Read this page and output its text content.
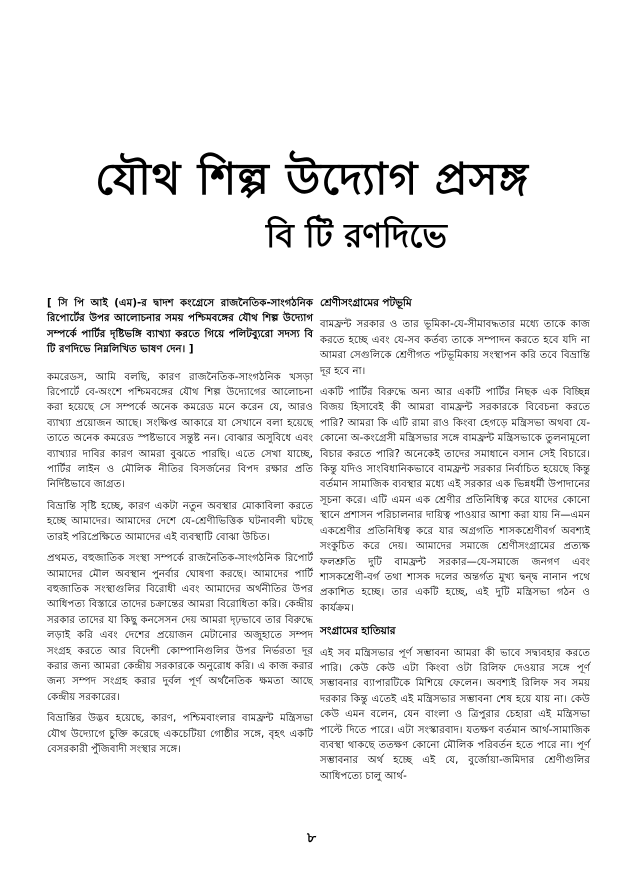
যৌথ শিল্প উদ্যোগ প্রসঙ্গ
বি টি রণদিভে

[ সি পি আই (এম)-র দ্বাদশ কংগ্রেসে রাজনৈতিক-সাংগঠনিক রিপোর্টের উপর আলোচনার সময় পশ্চিমবঙ্গের যৌথ শিল্প উদ্যোগ সম্পর্কে পার্টির দৃষ্টিভঙ্গি ব্যাখ্যা করতে গিয়ে পলিটব্যুরো সদস্য বি টি রণদিভে নিম্নলিখিত ভাষণ দেন। ]

কমরেডস, আমি বলছি, কারণ রাজনৈতিক-সাংগঠনিক খসড়া রিপোর্টে বে-অংশে পশ্চিমবঙ্গের যৌথ শিল্প উদ্যোগের আলোচনা করা হয়েছে সে সম্পর্কে অনেক কমরেড মনে করেন যে, আরও ব্যাখ্যা প্রয়োজন আছে। সংক্ষিপ্ত আকারে যা সেখানে বলা হয়েছে তাতে অনেক কমরেড স্পষ্টভাবে সন্তুষ্ট নন। বোঝার অসুবিধে এবং ব্যাখ্যার দাবির কারণ আমরা বুঝতে পারছি। এতে সেখা যাচ্ছে, পার্টির লাইন ও মৌলিক নীতির বিসর্জনের বিপদ রক্ষার প্রতি নির্দিষ্টভাবে জাগ্রত।

বিভ্রান্তি সৃষ্টি হচ্ছে, কারণ একটা নতুন অবস্থার মোকাবিলা করতে হচ্ছে আমাদের। আমাদের দেশে যে-শ্রেণীভিত্তিক ঘটনাবলী ঘটছে তারই পরিপ্রেক্ষিতে আমাদের এই ব্যবস্থাটি বোঝা উচিত।

প্রথমত, বহুজাতিক সংস্থা সম্পর্কে রাজনৈতিক-সাংগঠনিক রিপোর্ট আমাদের মৌল অবস্থান পুনর্বার ঘোষণা করছে। আমাদের পার্টি বহুজাতিক সংস্থাগুলির বিরোধী এবং আমাদের অর্থনীতির উপর আধিপত্য বিস্তারে তাদের চক্রান্তের আমরা বিরোধিতা করি। কেন্দ্রীয় সরকার তাদের যা কিছু কনসেসন দেয় আমরা দৃঢ়ভাবে তার বিরুদ্ধে লড়াই করি এবং দেশের প্রয়োজন মেটানোর অজুহাতে সম্পদ সংগ্রহ করতে আর বিদেশী কোম্পানিগুলির উপর নির্ভরতা দূর করার জন্য আমরা কেন্দ্রীয় সরকারকে অনুরোধ করি। এ কাজ করার জন্য সম্পদ সংগ্রহ করার দুর্বল পূর্ণ অর্থনৈতিক ক্ষমতা আছে কেন্দ্রীয় সরকারের।

বিভ্রান্তির উদ্ভব হয়েছে, কারণ, পশ্চিমবাংলার বামফ্রন্ট মন্ত্রিসভা যৌথ উদ্যোগে চুক্তি করেছে একচেটিয়া গোষ্ঠীর সঙ্গে, বৃহৎ একটি বেসরকারী পুঁজিবাদী সংস্থার সঙ্গে।

শ্রেণীসংগ্রামের পটভূমি

বামফ্রন্ট সরকার ও তার ভূমিকা-যে-সীমাবদ্ধতার মধ্যে তাকে কাজ করতে হচ্ছে এবং যে-সব কর্তব্য তাকে সম্পাদন করতে হবে যদি না আমরা সেগুলিকে শ্রেণীগত পটভূমিকায় সংস্থাপন করি তবে বিভ্রান্তি দূর হবে না।

একটি পার্টির বিরুদ্ধে অন্য আর একটি পার্টির নিছক এক বিচ্ছিন্ন বিজয় হিসাবেই কী আমরা বামফ্রন্ট সরকারকে বিবেচনা করতে পারি? আমরা কি এটি রামা রাও কিংবা হেগড়ে মন্ত্রিসভা অথবা যে-কোনো অ-কংগ্রেসী মন্ত্রিসভার সঙ্গে বামফ্রন্ট মন্ত্রিসভাকে তুলনামূলো বিচার করতে পারি? অনেকেই তাদের সমাধানে বসান সেই বিচারে। কিন্তু যদিও সাংবিধানিকভাবে বামফ্রন্ট সরকার নির্বাচিত হয়েছে কিন্তু বর্তমান সামাজিক ব্যবস্থার মধ্যে এই সরকার এক ভিন্নধর্মী উপাদানের সূচনা করে। এটি এমন এক শ্রেণীর প্রতিনিধিত্ব করে যাদের কোনো স্থানে প্রশাসন পরিচালনার দায়িত্ব পাওয়ার আশা করা যায় নি—এমন একশ্রেণীর প্রতিনিধিত্ব করে যার অগ্রগতি শাসকশ্রেণীবর্গ অবশ্যই সংকুচিত করে দেয়। আমাদের সমাজে শ্রেণীসংগ্রামের প্রত্যক্ষ ফলশ্রুতি দুটি বামফ্রন্ট সরকার—যে-সমাজে জনগণ এবং শাসকশ্রেণী-বর্গ তথা শাসক দলের অন্তর্গত মুখ্য দ্বন্দ্ব নানান পথে প্রকাশিত হচ্ছে। তার একটি হচ্ছে, এই দুটি মন্ত্রিসভা গঠন ও কার্যক্রম।

সংগ্রামের হাতিয়ার

এই সব মন্ত্রিসভার পূর্ণ সম্ভাবনা আমরা কী ভাবে সদ্ব্যবহার করতে পারি। কেউ কেউ এটা কিংবা ওটা রিলিফ দেওয়ার সঙ্গে পূর্ণ সম্ভাবনার ব্যাপারটিকে মিশিয়ে ফেলেন। অবশ্যই রিলিফ সব সময় দরকার কিন্তু এতেই এই মন্ত্রিসভার সম্ভাবনা শেষ হয়ে যায় না। কেউ কেউ এমন বলেন, যেন বাংলা ও ত্রিপুরার চেহারা এই মন্ত্রিসভা পাল্টে দিতে পারে। এটা সংস্কারবাদ। যতক্ষণ বর্তমান আর্থ-সামাজিক ব্যবস্থা থাকছে ততক্ষণ কোনো মৌলিক পরিবর্তন হতে পারে না। পূর্ণ সম্ভাবনার অর্থ হচ্ছে এই যে, বুর্জোয়া-জমিদার শ্রেণীগুলির আধিপত্যে চালু আর্থ-

৮
